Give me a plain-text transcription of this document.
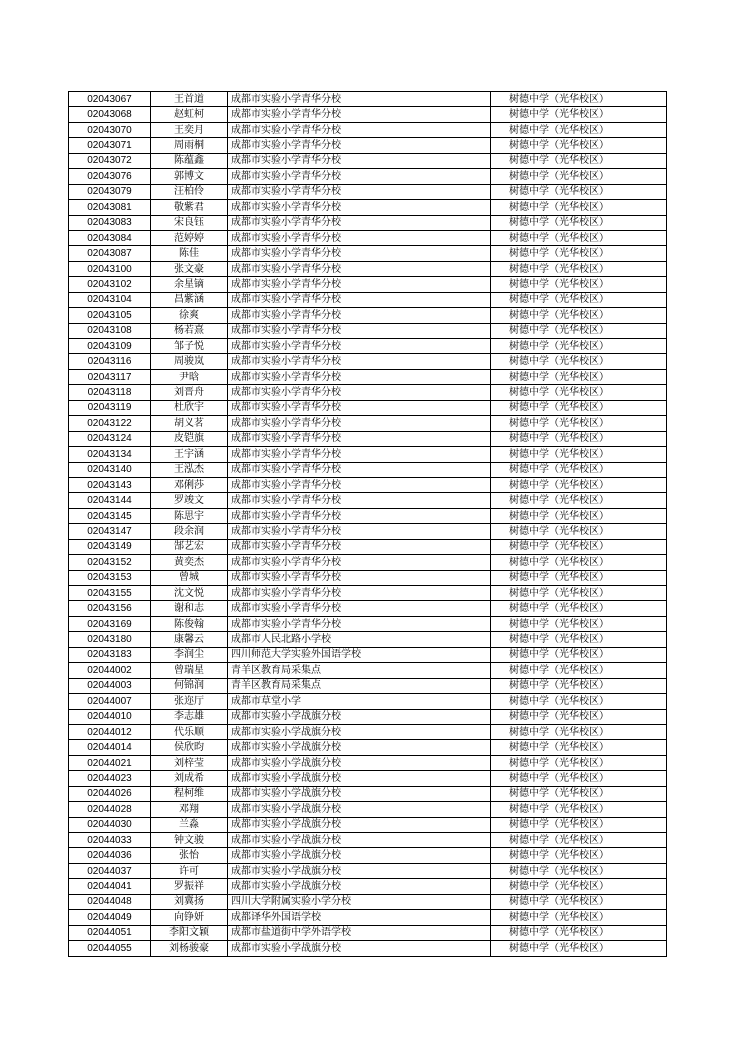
02043067	王首道	成都市实验小学青华分校	树德中学（光华校区）
02043068	赵虹柯	成都市实验小学青华分校	树德中学（光华校区）
02043070	王奕月	成都市实验小学青华分校	树德中学（光华校区）
02043071	周雨桐	成都市实验小学青华分校	树德中学（光华校区）
02043072	陈蕴鑫	成都市实验小学青华分校	树德中学（光华校区）
02043076	郭博文	成都市实验小学青华分校	树德中学（光华校区）
02043079	汪柏伶	成都市实验小学青华分校	树德中学（光华校区）
02043081	敬紫君	成都市实验小学青华分校	树德中学（光华校区）
02043083	宋良钰	成都市实验小学青华分校	树德中学（光华校区）
02043084	范婷婷	成都市实验小学青华分校	树德中学（光华校区）
02043087	陈佳	成都市实验小学青华分校	树德中学（光华校区）
02043100	张文豪	成都市实验小学青华分校	树德中学（光华校区）
02043102	余星镝	成都市实验小学青华分校	树德中学（光华校区）
02043104	昌紫涵	成都市实验小学青华分校	树德中学（光华校区）
02043105	徐爽	成都市实验小学青华分校	树德中学（光华校区）
02043108	杨若熹	成都市实验小学青华分校	树德中学（光华校区）
02043109	邹子悦	成都市实验小学青华分校	树德中学（光华校区）
02043116	周骏岚	成都市实验小学青华分校	树德中学（光华校区）
02043117	尹晗	成都市实验小学青华分校	树德中学（光华校区）
02043118	刘晋舟	成都市实验小学青华分校	树德中学（光华校区）
02043119	杜欣宇	成都市实验小学青华分校	树德中学（光华校区）
02043122	胡义茗	成都市实验小学青华分校	树德中学（光华校区）
02043124	皮铠旗	成都市实验小学青华分校	树德中学（光华校区）
02043134	王宇涵	成都市实验小学青华分校	树德中学（光华校区）
02043140	王泓杰	成都市实验小学青华分校	树德中学（光华校区）
02043143	邓俐莎	成都市实验小学青华分校	树德中学（光华校区）
02043144	罗竣文	成都市实验小学青华分校	树德中学（光华校区）
02043145	陈思宇	成都市实验小学青华分校	树德中学（光华校区）
02043147	段余润	成都市实验小学青华分校	树德中学（光华校区）
02043149	郜艺宏	成都市实验小学青华分校	树德中学（光华校区）
02043152	黄奕杰	成都市实验小学青华分校	树德中学（光华校区）
02043153	曾城	成都市实验小学青华分校	树德中学（光华校区）
02043155	沈文悦	成都市实验小学青华分校	树德中学（光华校区）
02043156	谢和志	成都市实验小学青华分校	树德中学（光华校区）
02043169	陈俊翰	成都市实验小学青华分校	树德中学（光华校区）
02043180	康馨云	成都市人民北路小学校	树德中学（光华校区）
02043183	李润尘	四川师范大学实验外国语学校	树德中学（光华校区）
02044002	曾瑞星	青羊区教育局采集点	树德中学（光华校区）
02044003	何锦润	青羊区教育局采集点	树德中学（光华校区）
02044007	张迩厅	成都市草堂小学	树德中学（光华校区）
02044010	李志雄	成都市实验小学战旗分校	树德中学（光华校区）
02044012	代乐顺	成都市实验小学战旗分校	树德中学（光华校区）
02044014	侯欣昀	成都市实验小学战旗分校	树德中学（光华校区）
02044021	刘梓莹	成都市实验小学战旗分校	树德中学（光华校区）
02044023	刘成希	成都市实验小学战旗分校	树德中学（光华校区）
02044026	程柯维	成都市实验小学战旗分校	树德中学（光华校区）
02044028	邓翔	成都市实验小学战旗分校	树德中学（光华校区）
02044030	兰淼	成都市实验小学战旗分校	树德中学（光华校区）
02044033	钟文骏	成都市实验小学战旗分校	树德中学（光华校区）
02044036	张怡	成都市实验小学战旗分校	树德中学（光华校区）
02044037	许可	成都市实验小学战旗分校	树德中学（光华校区）
02044041	罗振祥	成都市实验小学战旗分校	树德中学（光华校区）
02044048	刘冀扬	四川大学附属实验小学分校	树德中学（光华校区）
02044049	向铮妍	成都译华外国语学校	树德中学（光华校区）
02044051	李阳文颖	成都市盐道街中学外语学校	树德中学（光华校区）
02044055	刘杨骏豪	成都市实验小学战旗分校	树德中学（光华校区）
